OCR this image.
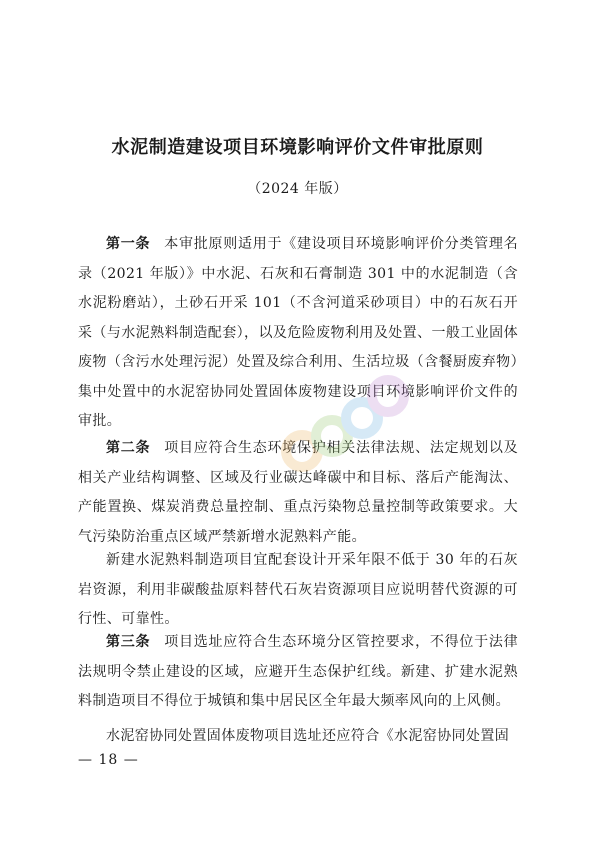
水泥制造建设项目环境影响评价文件审批原则
（2024 年版）

第一条 本审批原则适用于《建设项目环境影响评价分类管理名录（2021 年版）》中水泥、石灰和石膏制造 301 中的水泥制造（含水泥粉磨站），土砂石开采 101（不含河道采砂项目）中的石灰石开采（与水泥熟料制造配套），以及危险废物利用及处置、一般工业固体废物（含污水处理污泥）处置及综合利用、生活垃圾（含餐厨废弃物）集中处置中的水泥窑协同处置固体废物建设项目环境影响评价文件的审批。

第二条 项目应符合生态环境保护相关法律法规、法定规划以及相关产业结构调整、区域及行业碳达峰碳中和目标、落后产能淘汰、产能置换、煤炭消费总量控制、重点污染物总量控制等政策要求。大气污染防治重点区域严禁新增水泥熟料产能。

新建水泥熟料制造项目宜配套设计开采年限不低于 30 年的石灰岩资源，利用非碳酸盐原料替代石灰岩资源项目应说明替代资源的可行性、可靠性。

第三条 项目选址应符合生态环境分区管控要求，不得位于法律法规明令禁止建设的区域，应避开生态保护红线。新建、扩建水泥熟料制造项目不得位于城镇和集中居民区全年最大频率风向的上风侧。

水泥窑协同处置固体废物项目选址还应符合《水泥窑协同处置固

— 18 —
